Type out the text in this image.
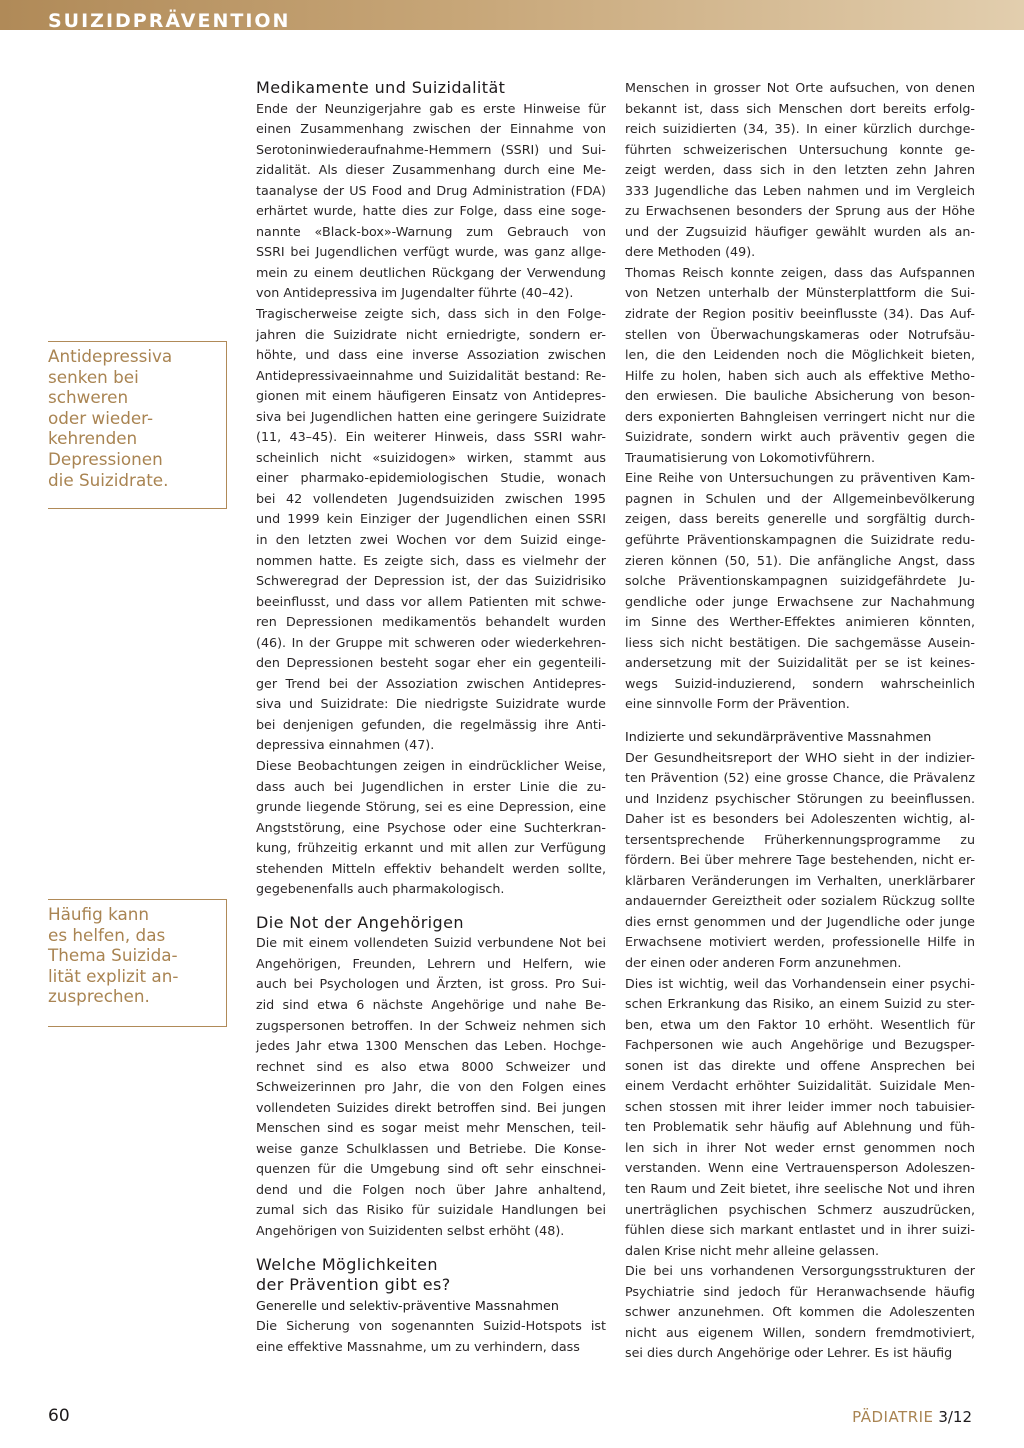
SUIZIDPRÄVENTION
Antidepressiva
senken bei
schweren
oder wieder-
kehrenden
Depressionen
die Suizidrate.
Häufig kann
es helfen, das
Thema Suizida-
lität explizit an-
zusprechen.
Medikamente und Suizidalität
Ende der Neunzigerjahre gab es erste Hinweise für
einen Zusammenhang zwischen der Einnahme von
Serotoninwiederaufnahme-Hemmern (SSRI) und Sui-
zidalität. Als dieser Zusammenhang durch eine Me-
taanalyse der US Food and Drug Administration (FDA)
erhärtet wurde, hatte dies zur Folge, dass eine soge-
nannte «Black-box»-Warnung zum Gebrauch von
SSRI bei Jugendlichen verfügt wurde, was ganz allge-
mein zu einem deutlichen Rückgang der Verwendung
von Antidepressiva im Jugendalter führte (40–42).
Tragischerweise zeigte sich, dass sich in den Folge-
jahren die Suizidrate nicht erniedrigte, sondern er-
höhte, und dass eine inverse Assoziation zwischen
Antidepressivaeinnahme und Suizidalität bestand: Re-
gionen mit einem häufigeren Einsatz von Antidepres-
siva bei Jugendlichen hatten eine geringere Suizidrate
(11, 43–45). Ein weiterer Hinweis, dass SSRI wahr-
scheinlich nicht «suizidogen» wirken, stammt aus
einer pharmako-epidemiologischen Studie, wonach
bei 42 vollendeten Jugendsuiziden zwischen 1995
und 1999 kein Einziger der Jugendlichen einen SSRI
in den letzten zwei Wochen vor dem Suizid einge-
nommen hatte. Es zeigte sich, dass es vielmehr der
Schweregrad der Depression ist, der das Suizidrisiko
beeinflusst, und dass vor allem Patienten mit schwe-
ren Depressionen medikamentös behandelt wurden
(46). In der Gruppe mit schweren oder wiederkehren-
den Depressionen besteht sogar eher ein gegenteili-
ger Trend bei der Assoziation zwischen Antidepres-
siva und Suizidrate: Die niedrigste Suizidrate wurde
bei denjenigen gefunden, die regelmässig ihre Anti-
depressiva einnahmen (47).
Diese Beobachtungen zeigen in eindrücklicher Weise,
dass auch bei Jugendlichen in erster Linie die zu-
grunde liegende Störung, sei es eine Depression, eine
Angststörung, eine Psychose oder eine Suchterkran-
kung, frühzeitig erkannt und mit allen zur Verfügung
stehenden Mitteln effektiv behandelt werden sollte,
gegebenenfalls auch pharmakologisch.
Die Not der Angehörigen
Die mit einem vollendeten Suizid verbundene Not bei
Angehörigen, Freunden, Lehrern und Helfern, wie
auch bei Psychologen und Ärzten, ist gross. Pro Sui-
zid sind etwa 6 nächste Angehörige und nahe Be-
zugspersonen betroffen. In der Schweiz nehmen sich
jedes Jahr etwa 1300 Menschen das Leben. Hochge-
rechnet sind es also etwa 8000 Schweizer und
Schweizerinnen pro Jahr, die von den Folgen eines
vollendeten Suizides direkt betroffen sind. Bei jungen
Menschen sind es sogar meist mehr Menschen, teil-
weise ganze Schulklassen und Betriebe. Die Konse-
quenzen für die Umgebung sind oft sehr einschnei-
dend und die Folgen noch über Jahre anhaltend,
zumal sich das Risiko für suizidale Handlungen bei
Angehörigen von Suizidenten selbst erhöht (48).
Welche Möglichkeiten
der Prävention gibt es?
Generelle und selektiv-präventive Massnahmen
Die Sicherung von sogenannten Suizid-Hotspots ist
eine effektive Massnahme, um zu verhindern, dass
Menschen in grosser Not Orte aufsuchen, von denen
bekannt ist, dass sich Menschen dort bereits erfolg-
reich suizidierten (34, 35). In einer kürzlich durchge-
führten schweizerischen Untersuchung konnte ge-
zeigt werden, dass sich in den letzten zehn Jahren
333 Jugendliche das Leben nahmen und im Vergleich
zu Erwachsenen besonders der Sprung aus der Höhe
und der Zugsuizid häufiger gewählt wurden als an-
dere Methoden (49).
Thomas Reisch konnte zeigen, dass das Aufspannen
von Netzen unterhalb der Münsterplattform die Sui-
zidrate der Region positiv beeinflusste (34). Das Auf-
stellen von Überwachungskameras oder Notrufsäu-
len, die den Leidenden noch die Möglichkeit bieten,
Hilfe zu holen, haben sich auch als effektive Metho-
den erwiesen. Die bauliche Absicherung von beson-
ders exponierten Bahngleisen verringert nicht nur die
Suizidrate, sondern wirkt auch präventiv gegen die
Traumatisierung von Lokomotivführern.
Eine Reihe von Untersuchungen zu präventiven Kam-
pagnen in Schulen und der Allgemeinbevölkerung
zeigen, dass bereits generelle und sorgfältig durch-
geführte Präventionskampagnen die Suizidrate redu-
zieren können (50, 51). Die anfängliche Angst, dass
solche Präventionskampagnen suizidgefährdete Ju-
gendliche oder junge Erwachsene zur Nachahmung
im Sinne des Werther-Effektes animieren könnten,
liess sich nicht bestätigen. Die sachgemässe Ausein-
andersetzung mit der Suizidalität per se ist keines-
wegs Suizid-induzierend, sondern wahrscheinlich
eine sinnvolle Form der Prävention.
Indizierte und sekundärpräventive Massnahmen
Der Gesundheitsreport der WHO sieht in der indizier-
ten Prävention (52) eine grosse Chance, die Prävalenz
und Inzidenz psychischer Störungen zu beeinflussen.
Daher ist es besonders bei Adoleszenten wichtig, al-
tersentsprechende Früherkennungsprogramme zu
fördern. Bei über mehrere Tage bestehenden, nicht er-
klärbaren Veränderungen im Verhalten, unerklärbarer
andauernder Gereiztheit oder sozialem Rückzug sollte
dies ernst genommen und der Jugendliche oder junge
Erwachsene motiviert werden, professionelle Hilfe in
der einen oder anderen Form anzunehmen.
Dies ist wichtig, weil das Vorhandensein einer psychi-
schen Erkrankung das Risiko, an einem Suizid zu ster-
ben, etwa um den Faktor 10 erhöht. Wesentlich für
Fachpersonen wie auch Angehörige und Bezugsper-
sonen ist das direkte und offene Ansprechen bei
einem Verdacht erhöhter Suizidalität. Suizidale Men-
schen stossen mit ihrer leider immer noch tabuisier-
ten Problematik sehr häufig auf Ablehnung und füh-
len sich in ihrer Not weder ernst genommen noch
verstanden. Wenn eine Vertrauensperson Adoleszen-
ten Raum und Zeit bietet, ihre seelische Not und ihren
unerträglichen psychischen Schmerz auszudrücken,
fühlen diese sich markant entlastet und in ihrer suizi-
dalen Krise nicht mehr alleine gelassen.
Die bei uns vorhandenen Versorgungsstrukturen der
Psychiatrie sind jedoch für Heranwachsende häufig
schwer anzunehmen. Oft kommen die Adoleszenten
nicht aus eigenem Willen, sondern fremdmotiviert,
sei dies durch Angehörige oder Lehrer. Es ist häufig
60	PÄDIATRIE 3/12
